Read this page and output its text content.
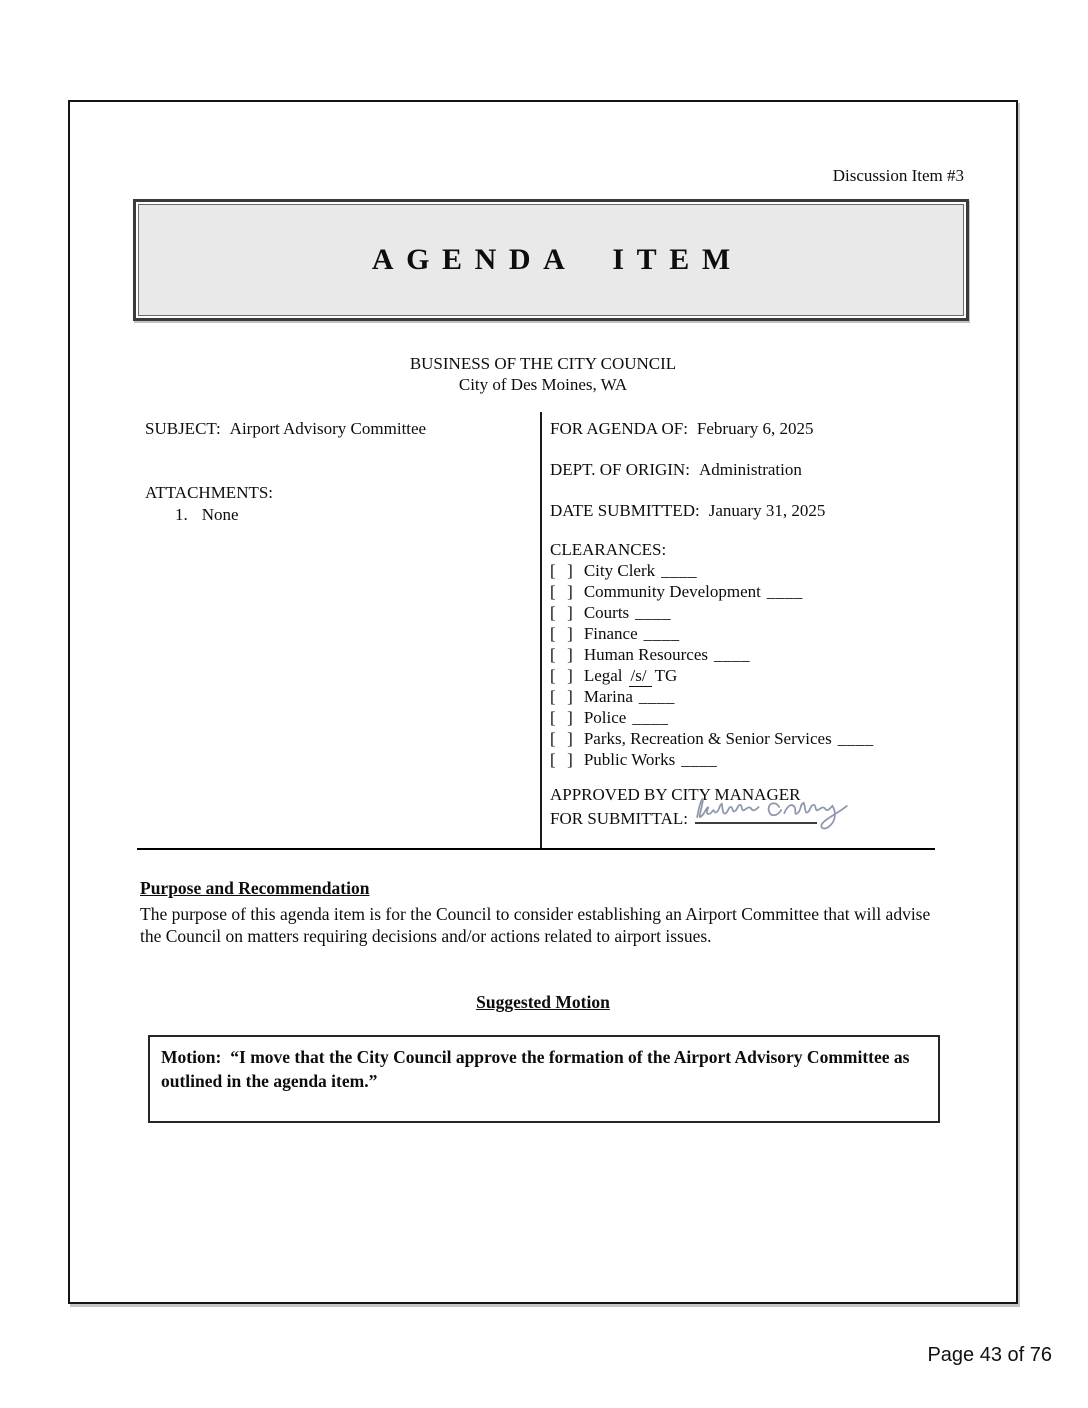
Discussion Item #3
AGENDA ITEM
BUSINESS OF THE CITY COUNCIL
City of Des Moines, WA
SUBJECT: Airport Advisory Committee
ATTACHMENTS:
1. None
FOR AGENDA OF: February 6, 2025
DEPT. OF ORIGIN: Administration
DATE SUBMITTED: January 31, 2025
CLEARANCES:
[  ] City Clerk ____
[  ] Community Development ____
[  ] Courts ____
[  ] Finance ____
[  ] Human Resources ____
[  ] Legal /s/ TG
[  ] Marina ____
[  ] Police ____
[  ] Parks, Recreation & Senior Services ____
[  ] Public Works ____
APPROVED BY CITY MANAGER
FOR SUBMITTAL:
Purpose and Recommendation
The purpose of this agenda item is for the Council to consider establishing an Airport Committee that will advise the Council on matters requiring decisions and/or actions related to airport issues.
Suggested Motion
Motion: “I move that the City Council approve the formation of the Airport Advisory Committee as outlined in the agenda item.”
Page 43 of 76
